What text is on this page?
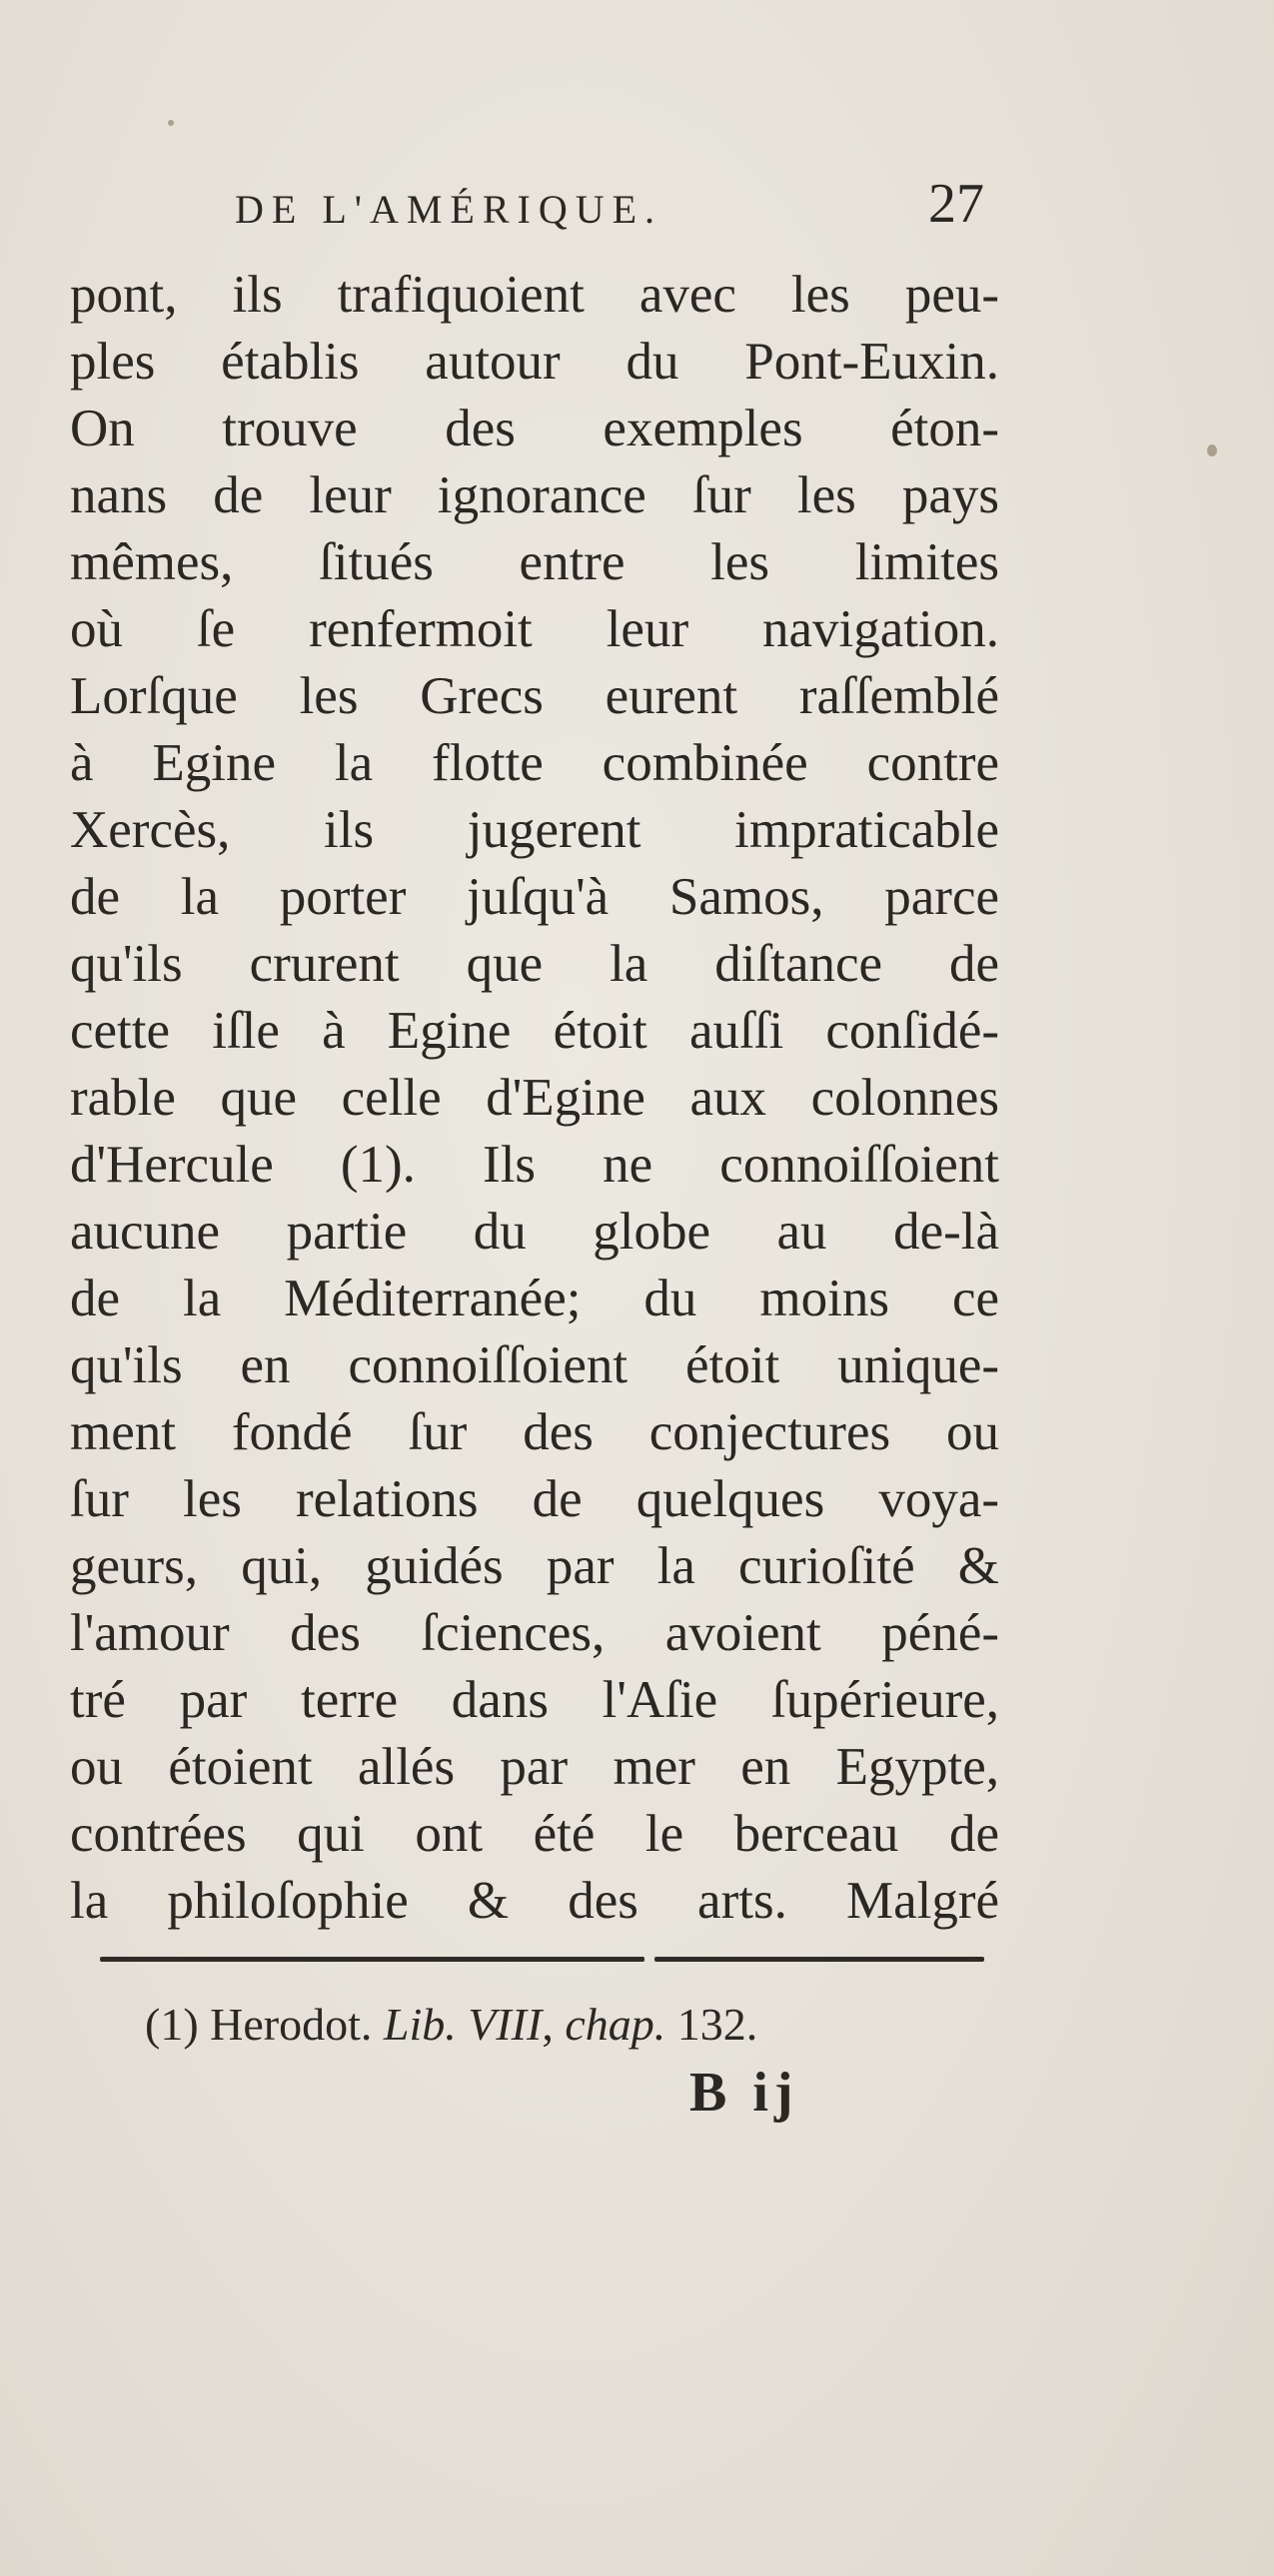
DE L'AMÉRIQUE.	27
pont, ils trafiquoient avec les peu-
ples établis autour du Pont-Euxin.
On trouve des exemples éton-
nans de leur ignorance ſur les pays
mêmes, ſitués entre les limites
où ſe renfermoit leur navigation.
Lorſque les Grecs eurent raſſemblé
à Egine la flotte combinée contre
Xercès, ils jugerent impraticable
de la porter juſqu'à Samos, parce
qu'ils crurent que la diſtance de
cette iſle à Egine étoit auſſi conſidé-
rable que celle d'Egine aux colonnes
d'Hercule (1). Ils ne connoiſſoient
aucune partie du globe au de-là
de la Méditerranée; du moins ce
qu'ils en connoiſſoient étoit unique-
ment fondé ſur des conjectures ou
ſur les relations de quelques voya-
geurs, qui, guidés par la curioſité &
l'amour des ſciences, avoient péné-
tré par terre dans l'Aſie ſupérieure,
ou étoient allés par mer en Egypte,
contrées qui ont été le berceau de
la philoſophie & des arts. Malgré
(1) Herodot. Lib. VIII, chap. 132.
B ij
